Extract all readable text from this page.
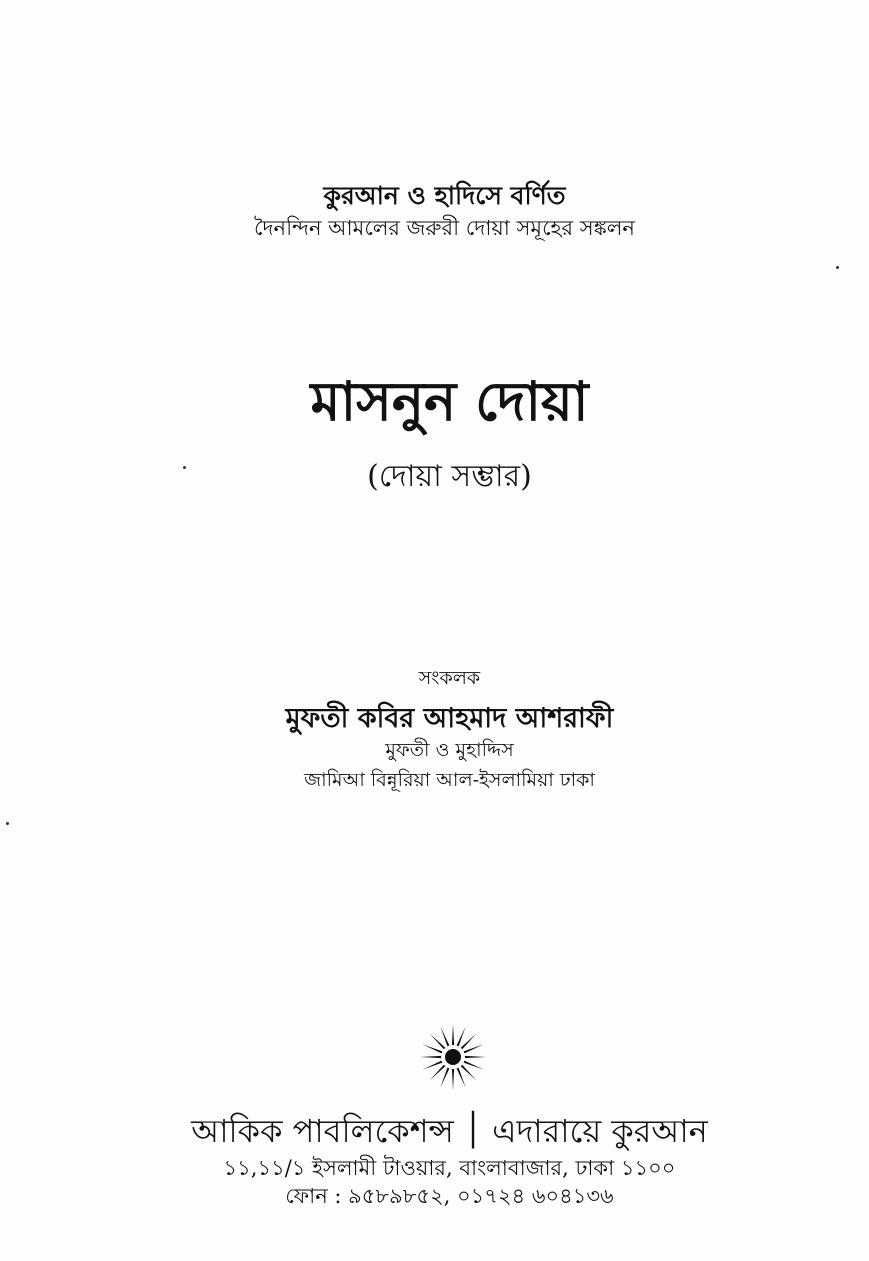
কুরআন ও হাদিসে বর্ণিত
দৈনন্দিন আমলের জরুরী দোয়া সমূহের সঙ্কলন
মাসনুন দোয়া
(দোয়া সম্ভার)
সংকলক
মুফতী কবির আহমাদ আশরাফী
মুফতী ও মুহাদ্দিস
জামিআ বিন্নূরিয়া আল-ইসলামিয়া ঢাকা
আকিক পাবলিকেশন্স ׀ এদারায়ে কুরআন
১১,১১/১ ইসলামী টাওয়ার, বাংলাবাজার, ঢাকা ১১০০
ফোন : ৯৫৮৯৮৫২, ০১৭২৪ ৬০৪১৩৬
